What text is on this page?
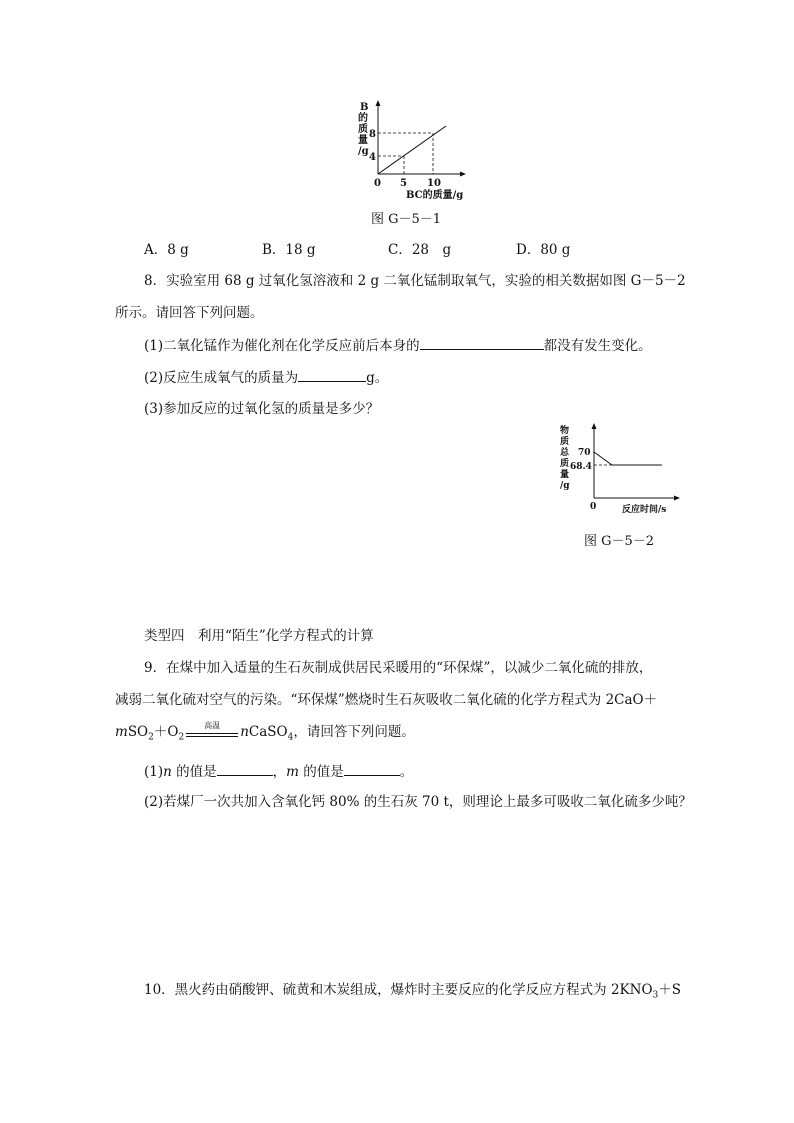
B
的
质
量
/g
8
4
0 5 10
BC的质量/g
图 G－5－1
A．8 g	B．18 g	C．28　g	D．80 g
8．实验室用 68 g 过氧化氢溶液和 2 g 二氧化锰制取氧气，实验的相关数据如图 G－5－2
所示。请回答下列问题。
(1)二氧化锰作为催化剂在化学反应前后本身的	都没有发生变化。
(2)反应生成氧气的质量为	g。
(3)参加反应的过氧化氢的质量是多少？
物
质
总
质
量
/g
70
68.4
0	反应时间/s
图 G－5－2
类型四　利用“陌生”化学方程式的计算
9．在煤中加入适量的生石灰制成供居民采暖用的“环保煤”，以减少二氧化硫的排放，
减弱二氧化硫对空气的污染。“环保煤”燃烧时生石灰吸收二氧化硫的化学方程式为 2CaO＋
$mSO_2+O_2$
高温	nCaSO$_4$，请回答下列问题。
(1)n 的值是	，m 的值是	。
(2)若煤厂一次共加入含氧化钙 80% 的生石灰 70 t，则理论上最多可吸收二氧化硫多少吨？
10．黑火药由硝酸钾、硫黄和木炭组成，爆炸时主要反应的化学反应方程式为 $2KNO_3+S$
